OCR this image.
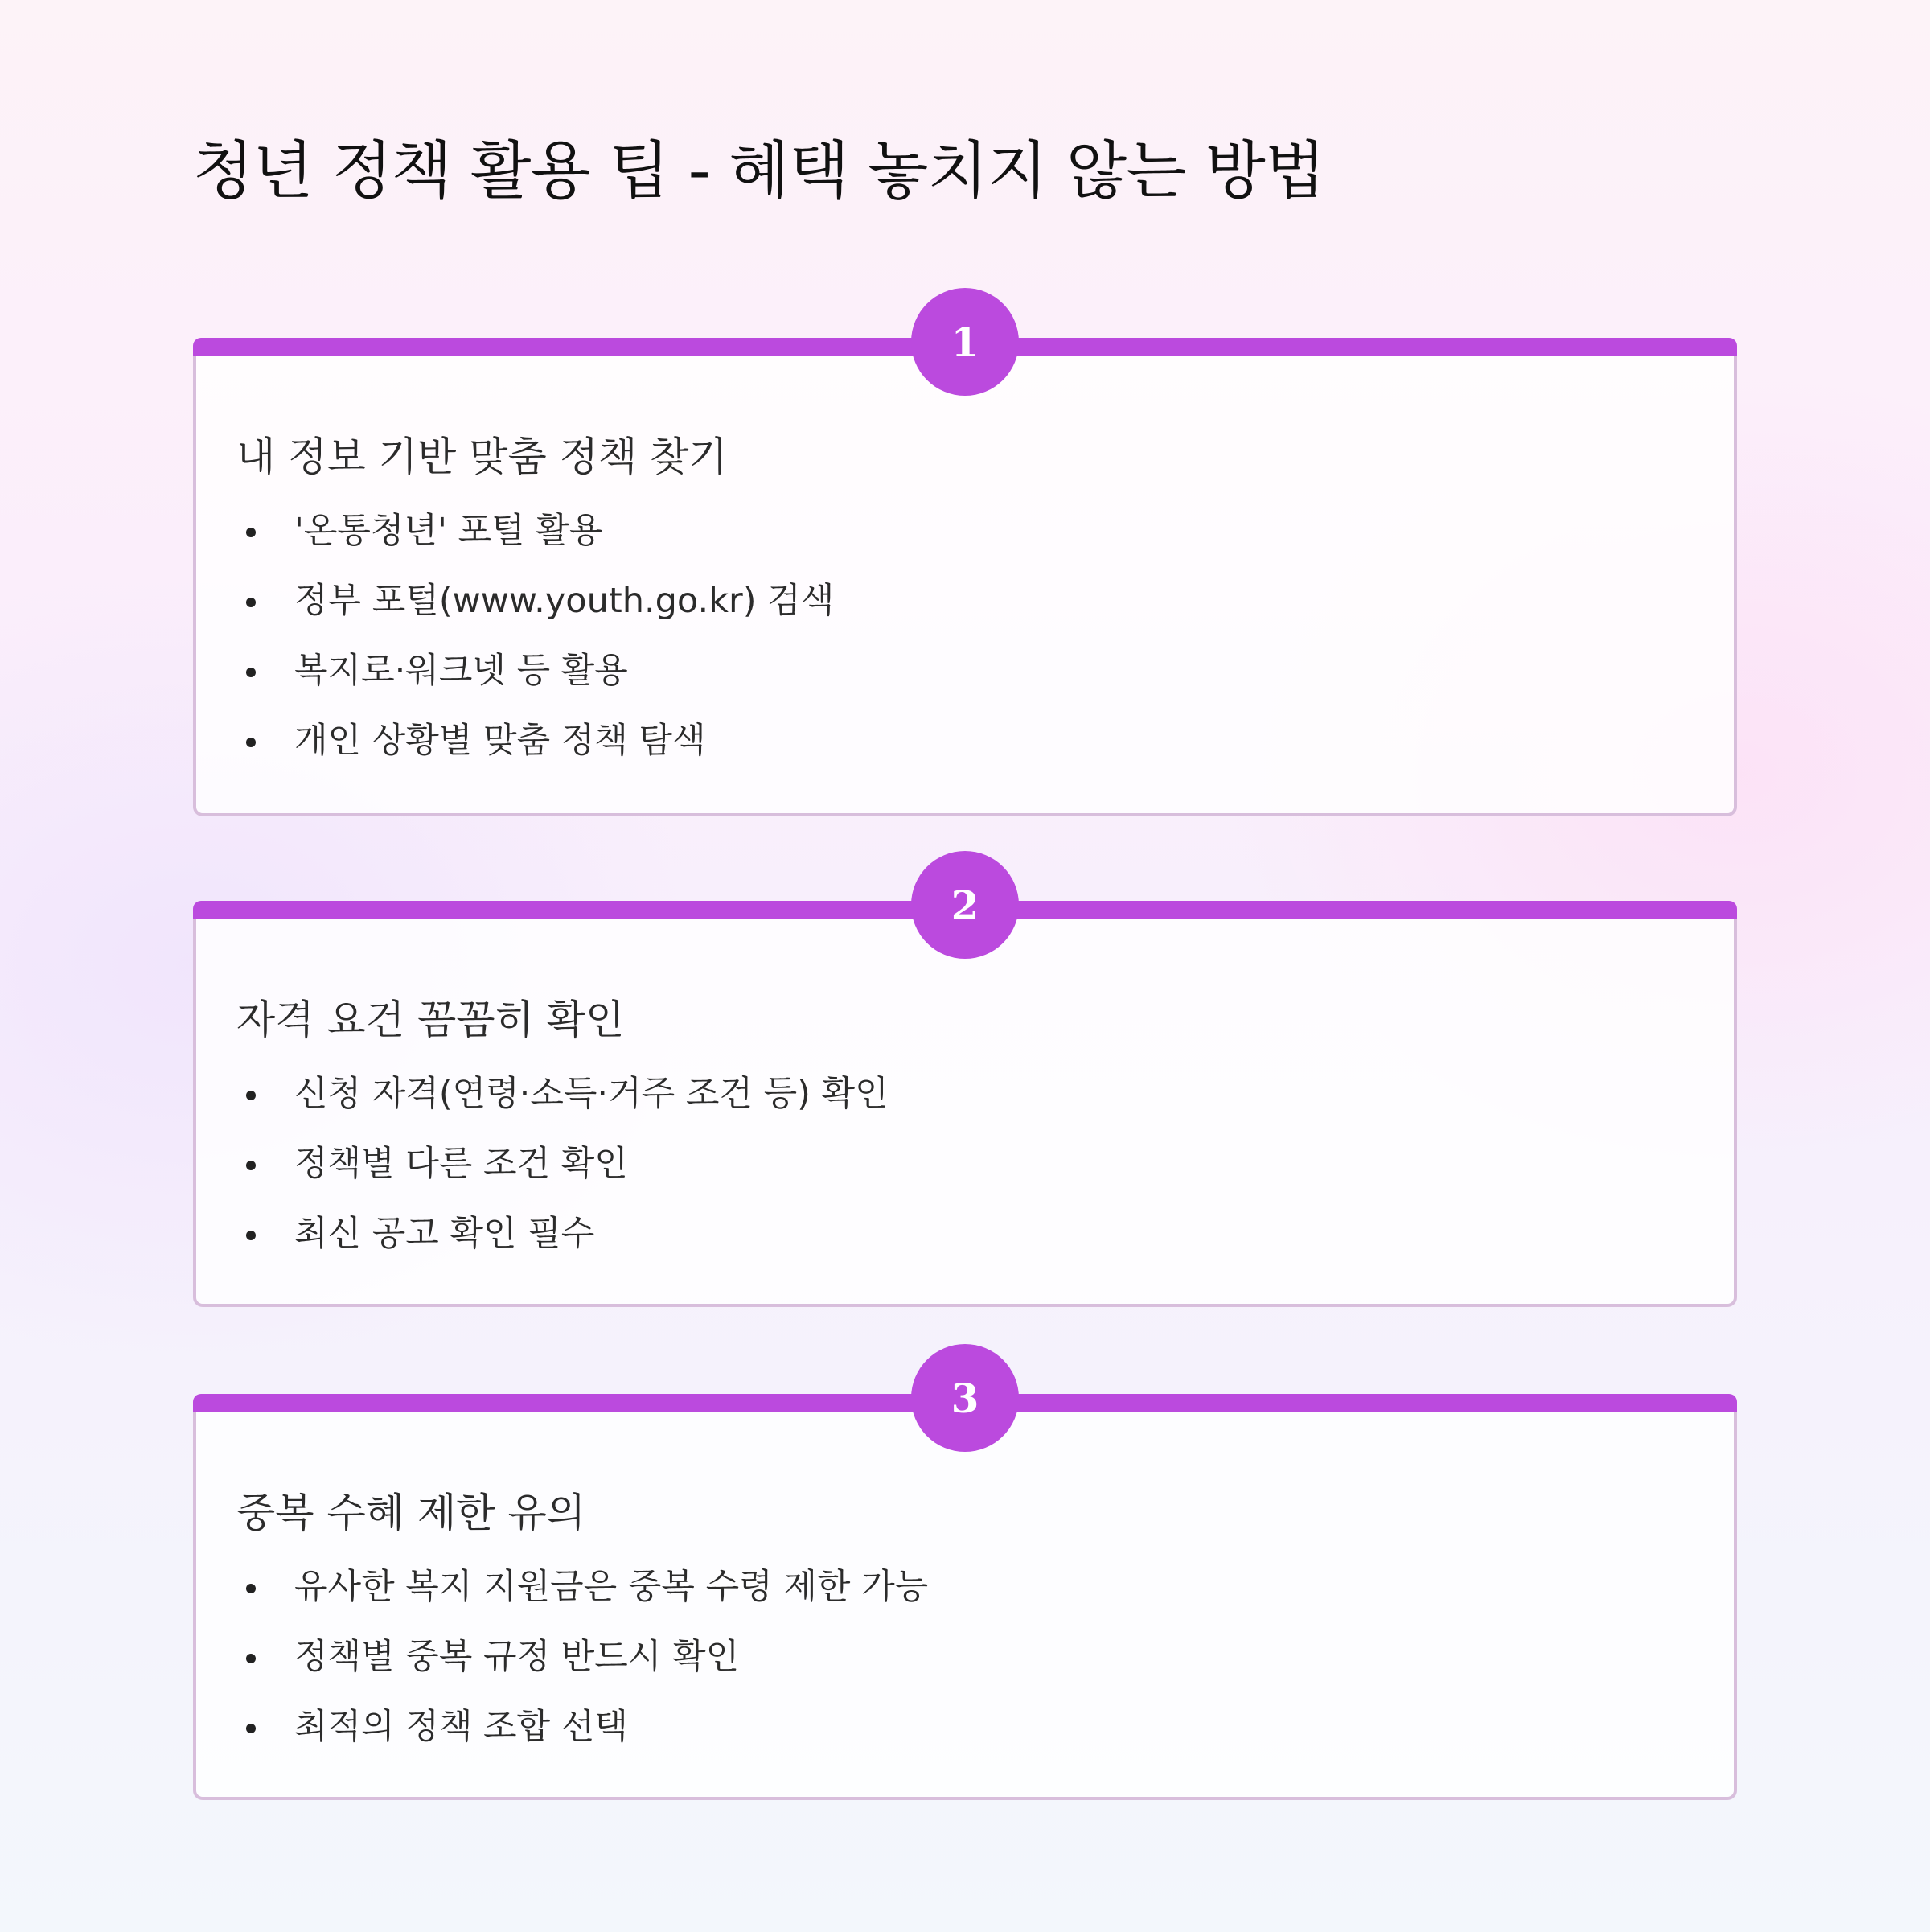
청년 정책 활용 팁 - 혜택 놓치지 않는 방법
1
내 정보 기반 맞춤 정책 찾기
'온통청년' 포털 활용
정부 포털(www.youth.go.kr) 검색
복지로·워크넷 등 활용
개인 상황별 맞춤 정책 탐색
2
자격 요건 꼼꼼히 확인
신청 자격(연령·소득·거주 조건 등) 확인
정책별 다른 조건 확인
최신 공고 확인 필수
3
중복 수혜 제한 유의
유사한 복지 지원금은 중복 수령 제한 가능
정책별 중복 규정 반드시 확인
최적의 정책 조합 선택
